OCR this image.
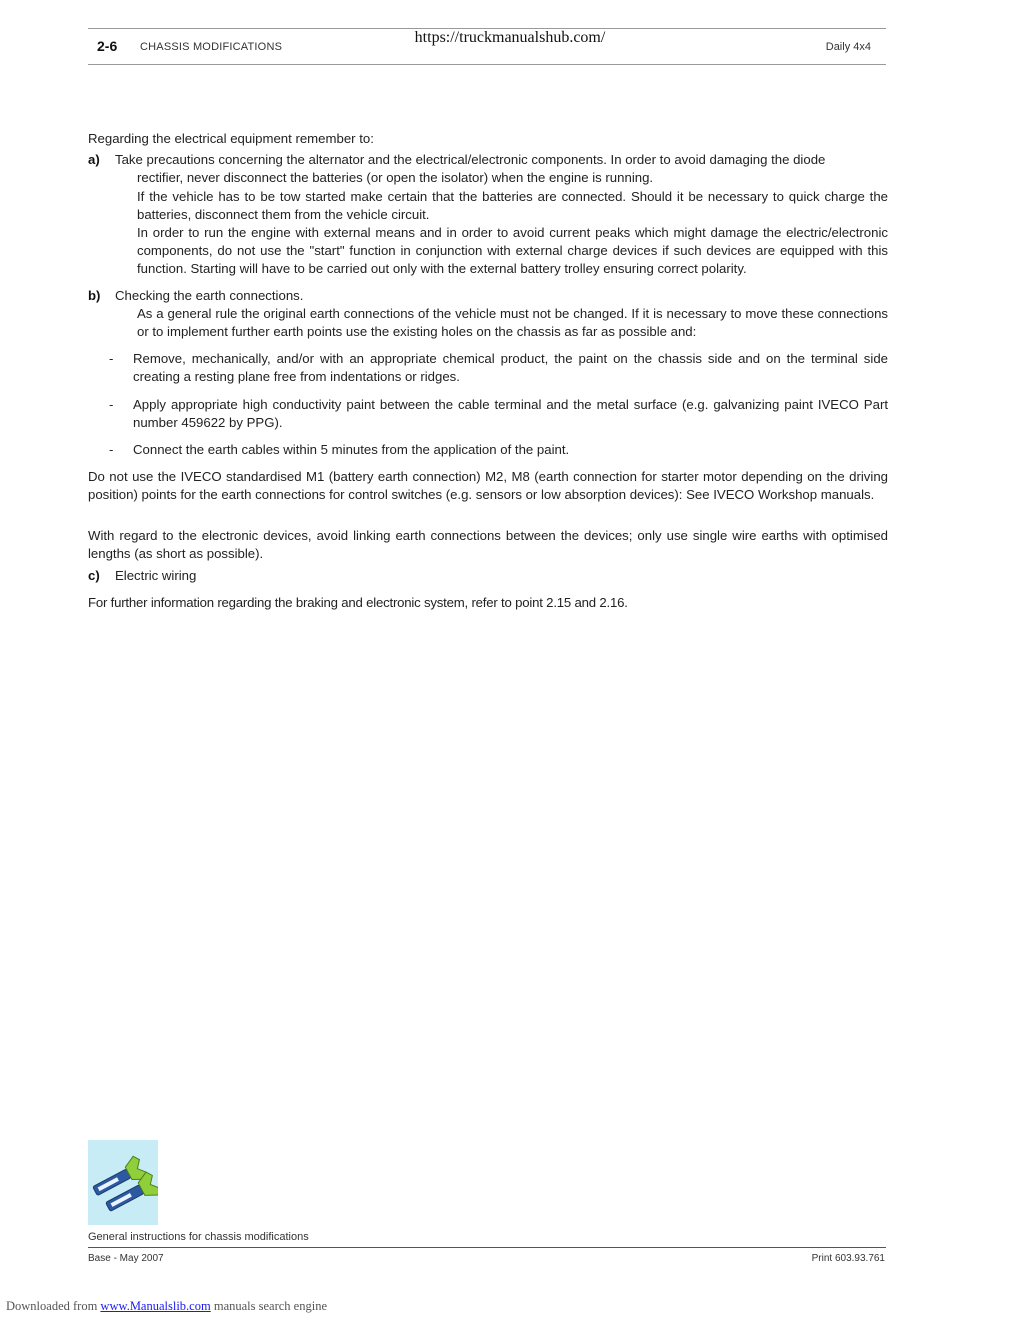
https://truckmanualshub.com/
2-6 CHASSIS MODIFICATIONS	Daily 4x4
Regarding the electrical equipment remember to:
a) Take precautions concerning the alternator and the electrical/electronic components. In order to avoid damaging the diode
rectifier, never disconnect the batteries (or open the isolator) when the engine is running.
If the vehicle has to be tow started make certain that the batteries are connected. Should it be necessary to quick charge the batteries, disconnect them from the vehicle circuit.
In order to run the engine with external means and in order to avoid current peaks which might damage the electric/electronic components, do not use the "start" function in conjunction with external charge devices if such devices are equipped with this function. Starting will have to be carried out only with the external battery trolley ensuring correct polarity.
b) Checking the earth connections.
As a general rule the original earth connections of the vehicle must not be changed. If it is necessary to move these connections or to implement further earth points use the existing holes on the chassis as far as possible and:
- Remove, mechanically, and/or with an appropriate chemical product, the paint on the chassis side and on the terminal side creating a resting plane free from indentations or ridges.
- Apply appropriate high conductivity paint between the cable terminal and the metal surface (e.g. galvanizing paint IVECO Part number 459622 by PPG).
- Connect the earth cables within 5 minutes from the application of the paint.
Do not use the IVECO standardised M1 (battery earth connection) M2, M8 (earth connection for starter motor depending on the driving position) points for the earth connections for control switches (e.g. sensors or low absorption devices): See IVECO Workshop manuals.
With regard to the electronic devices, avoid linking earth connections between the devices; only use single wire earths with optimised lengths (as short as possible).
c) Electric wiring
For further information regarding the braking and electronic system, refer to point 2.15 and 2.16.
General instructions for chassis modifications
Base - May 2007	Print 603.93.761
Downloaded from www.Manualslib.com manuals search engine
